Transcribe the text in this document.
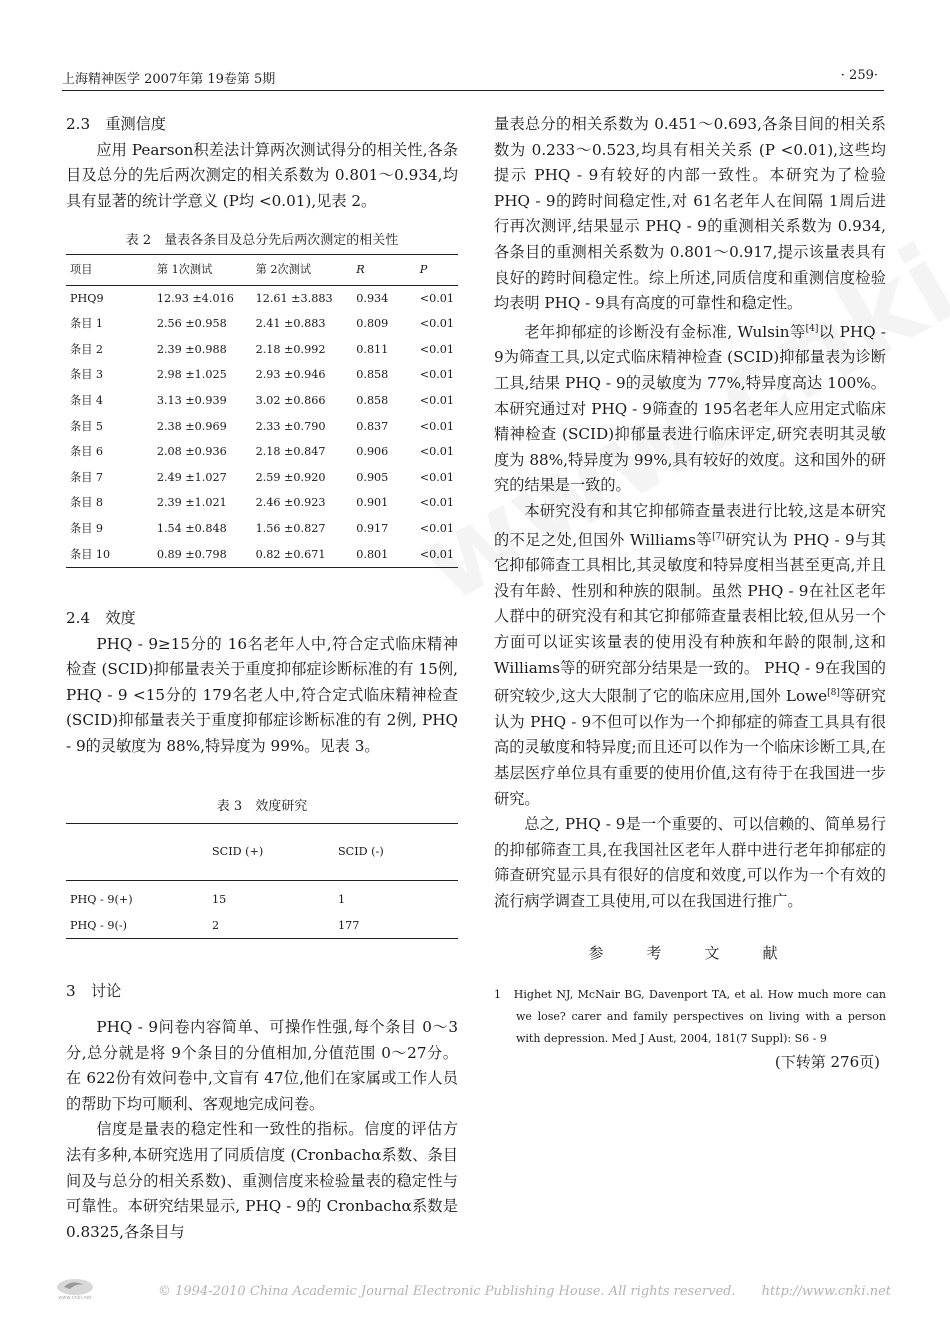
上海精神医学 2007年第 19卷第 5期	· 259·

2.3　重测信度

应用 Pearson积差法计算两次测试得分的相关性,各条目及总分的先后两次测定的相关系数为 0.801～0.934,均具有显著的统计学意义 (P均 <0.01),见表 2。

表 2　量表各条目及总分先后两次测定的相关性

项目	第 1次测试	第 2次测试	R	P
PHQ9	12.93 ±4.016	12.61 ±3.883	0.934	<0.01
条目 1	2.56 ±0.958	2.41 ±0.883	0.809	<0.01
条目 2	2.39 ±0.988	2.18 ±0.992	0.811	<0.01
条目 3	2.98 ±1.025	2.93 ±0.946	0.858	<0.01
条目 4	3.13 ±0.939	3.02 ±0.866	0.858	<0.01
条目 5	2.38 ±0.969	2.33 ±0.790	0.837	<0.01
条目 6	2.08 ±0.936	2.18 ±0.847	0.906	<0.01
条目 7	2.49 ±1.027	2.59 ±0.920	0.905	<0.01
条目 8	2.39 ±1.021	2.46 ±0.923	0.901	<0.01
条目 9	1.54 ±0.848	1.56 ±0.827	0.917	<0.01
条目 10	0.89 ±0.798	0.82 ±0.671	0.801	<0.01

2.4　效度

PHQ - 9≥15分的 16名老年人中,符合定式临床精神检查 (SCID)抑郁量表关于重度抑郁症诊断标准的有 15例, PHQ - 9 <15分的 179名老人中,符合定式临床精神检查 (SCID)抑郁量表关于重度抑郁症诊断标准的有 2例, PHQ - 9的灵敏度为 88%,特异度为 99%。见表 3。

表 3　效度研究

	SCID (+)	SCID (-)
PHQ - 9(+)	15	1
PHQ - 9(-)	2	177

3　讨论

PHQ - 9问卷内容简单、可操作性强,每个条目 0～3分,总分就是将 9个条目的分值相加,分值范围 0～27分。在 622份有效问卷中,文盲有 47位,他们在家属或工作人员的帮助下均可顺利、客观地完成问卷。

信度是量表的稳定性和一致性的指标。信度的评估方法有多种,本研究选用了同质信度 (Cronbachα系数、条目间及与总分的相关系数)、重测信度来检验量表的稳定性与可靠性。本研究结果显示, PHQ - 9的 Cronbachα系数是 0.8325,各条目与

量表总分的相关系数为 0.451～0.693,各条目间的相关系数为 0.233～0.523,均具有相关关系 (P <0.01),这些均提示 PHQ - 9有较好的内部一致性。本研究为了检验 PHQ - 9的跨时间稳定性,对 61名老年人在间隔 1周后进行再次测评,结果显示 PHQ - 9的重测相关系数为 0.934,各条目的重测相关系数为 0.801～0.917,提示该量表具有良好的跨时间稳定性。综上所述,同质信度和重测信度检验均表明 PHQ - 9具有高度的可靠性和稳定性。

老年抑郁症的诊断没有金标准, Wulsin等[4]以 PHQ - 9为筛查工具,以定式临床精神检查 (SCID)抑郁量表为诊断工具,结果 PHQ - 9的灵敏度为 77%,特异度高达 100%。本研究通过对 PHQ - 9筛查的 195名老年人应用定式临床精神检查 (SCID)抑郁量表进行临床评定,研究表明其灵敏度为 88%,特异度为 99%,具有较好的效度。这和国外的研究的结果是一致的。

本研究没有和其它抑郁筛查量表进行比较,这是本研究的不足之处,但国外 Williams等[7]研究认为 PHQ - 9与其它抑郁筛查工具相比,其灵敏度和特异度相当甚至更高,并且没有年龄、性别和种族的限制。虽然 PHQ - 9在社区老年人群中的研究没有和其它抑郁筛查量表相比较,但从另一个方面可以证实该量表的使用没有种族和年龄的限制,这和 Williams等的研究部分结果是一致的。 PHQ - 9在我国的研究较少,这大大限制了它的临床应用,国外 Lowe[8]等研究认为 PHQ - 9不但可以作为一个抑郁症的筛查工具具有很高的灵敏度和特异度;而且还可以作为一个临床诊断工具,在基层医疗单位具有重要的使用价值,这有待于在我国进一步研究。

总之, PHQ - 9是一个重要的、可以信赖的、简单易行的抑郁筛查工具,在我国社区老年人群中进行老年抑郁症的筛查研究显示具有很好的信度和效度,可以作为一个有效的流行病学调查工具使用,可以在我国进行推广。

参　考　文　献

1　Highet NJ, McNair BG, Davenport TA, et al. How much more can we lose? carer and family perspectives on living with a person with depression. Med J Aust, 2004, 181(7 Suppl): S6 - 9

(下转第 276页)

www.cnki.net	© 1994-2010 China Academic Journal Electronic Publishing House. All rights reserved.　　http://www.cnki.net
